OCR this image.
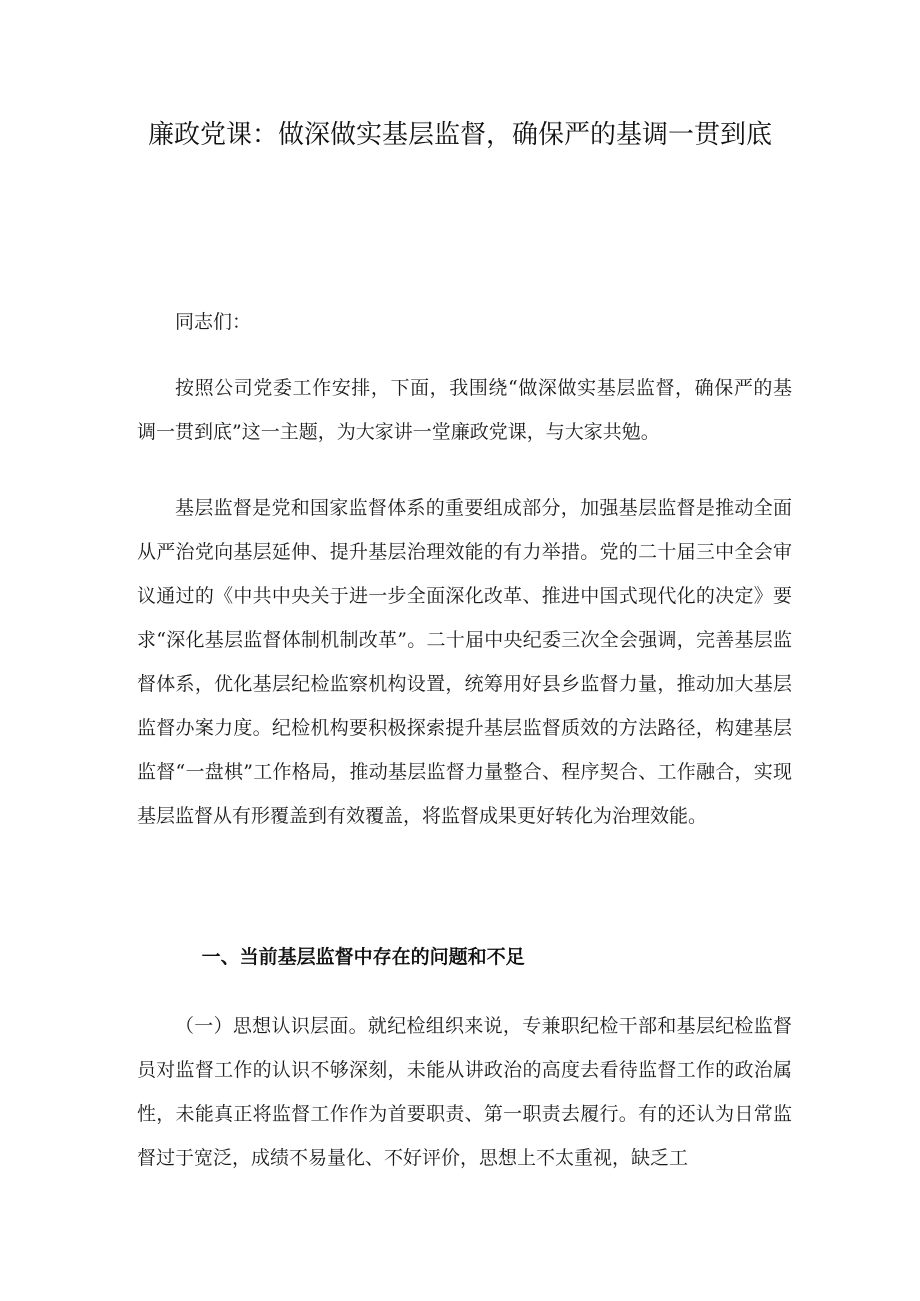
廉政党课：做深做实基层监督，确保严的基调一贯到底

同志们：

按照公司党委工作安排，下面，我围绕“做深做实基层监督，确保严的基调一贯到底”这一主题，为大家讲一堂廉政党课，与大家共勉。

基层监督是党和国家监督体系的重要组成部分，加强基层监督是推动全面从严治党向基层延伸、提升基层治理效能的有力举措。党的二十届三中全会审议通过的《中共中央关于进一步全面深化改革、推进中国式现代化的决定》要求“深化基层监督体制机制改革”。二十届中央纪委三次全会强调，完善基层监督体系，优化基层纪检监察机构设置，统筹用好县乡监督力量，推动加大基层监督办案力度。纪检机构要积极探索提升基层监督质效的方法路径，构建基层监督“一盘棋”工作格局，推动基层监督力量整合、程序契合、工作融合，实现基层监督从有形覆盖到有效覆盖，将监督成果更好转化为治理效能。

一、当前基层监督中存在的问题和不足

（一）思想认识层面。就纪检组织来说，专兼职纪检干部和基层纪检监督员对监督工作的认识不够深刻，未能从讲政治的高度去看待监督工作的政治属性，未能真正将监督工作作为首要职责、第一职责去履行。有的还认为日常监督过于宽泛，成绩不易量化、不好评价，思想上不太重视，缺乏工
